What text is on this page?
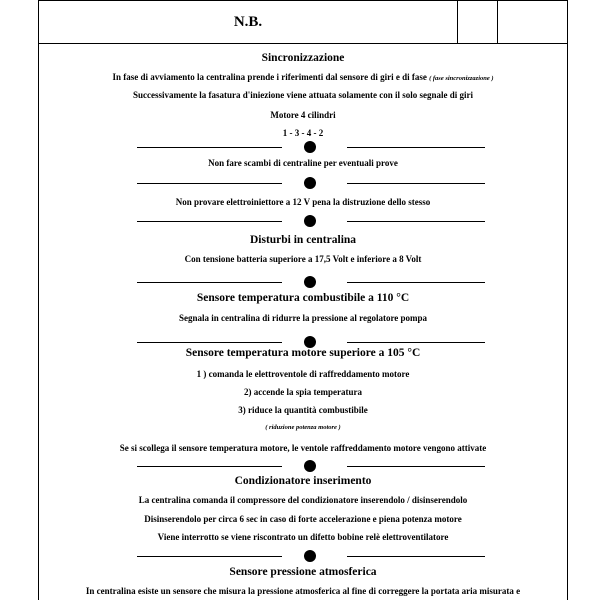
N.B.
Sincronizzazione
In fase di avviamento la centralina prende i riferimenti dal sensore di giri e di fase ( fase sincronizzazione )
Successivamente la fasatura d'iniezione viene attuata solamente con il solo segnale di giri
Motore 4 cilindri
1 - 3 - 4 - 2
Non fare scambi di centraline per eventuali prove
Non provare elettroiniettore a 12 V pena la distruzione dello stesso
Disturbi in centralina
Con tensione batteria superiore a 17,5 Volt e inferiore a 8 Volt
Sensore temperatura combustibile a 110 °C
Segnala in centralina di ridurre la pressione al regolatore pompa
Sensore temperatura motore superiore a 105 °C
1 ) comanda le elettroventole di raffreddamento motore
2) accende la spia temperatura
3) riduce la quantità combustibile
( riduzione potenza motore )
Se si scollega il sensore temperatura motore, le ventole raffreddamento motore vengono attivate
Condizionatore inserimento
La centralina comanda il compressore del condizionatore inserendolo / disinserendolo
Disinserendolo per circa 6 sec in caso di forte accelerazione e piena potenza motore
Viene interrotto se viene riscontrato un difetto bobine relè elettroventilatore
Sensore pressione atmosferica
In centralina esiste un sensore che misura la pressione atmosferica al fine di correggere la portata aria misurata e
